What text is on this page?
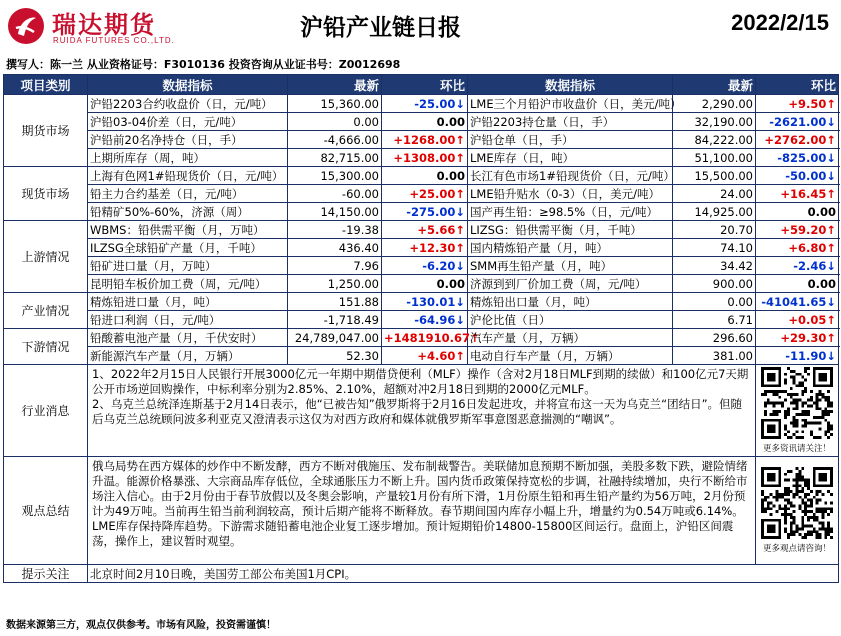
瑞达期货
RUIDA FUTURES CO.,LTD.	沪铅产业链日报	2022/2/15
撰写人：陈一兰 从业资格证号：F3010136 投资咨询从业证书号：Z0012698
项目类别	数据指标	最新	环比	数据指标	最新	环比
期货市场	沪铅2203合约收盘价（日，元/吨）	15,360.00	-25.00↓	LME三个月铅沪市收盘价（日，美元/吨）	2,290.00	+9.50↑
	沪铅03-04价差（日，元/吨）	0.00	0.00	沪铅2203持仓量（日，手）	32,190.00	-2621.00↓
	沪铅前20名净持仓（日，手）	-4,666.00	+1268.00↑	沪铅仓单（日，手）	84,222.00	+2762.00↑
	上期所库存（周，吨）	82,715.00	+1308.00↑	LME库存（日，吨）	51,100.00	-825.00↓
现货市场	上海有色网1#铅现货价（日，元/吨）	15,300.00	0.00	长江有色市场1#铅现货价（日，元/吨）	15,500.00	-50.00↓
	铅主力合约基差（日，元/吨）	-60.00	+25.00↑	LME铅升贴水（0-3）（日，美元/吨）	24.00	+16.45↑
	铅精矿50%-60%，济源（周）	14,150.00	-275.00↓	国产再生铅：≥98.5%（日，元/吨）	14,925.00	0.00
上游情况	WBMS：铅供需平衡（月，万吨）	-19.38	+5.66↑	LIZSG：铅供需平衡（月，千吨）	20.70	+59.20↑
	ILZSG全球铅矿产量（月，千吨）	436.40	+12.30↑	国内精炼铅产量（月，吨）	74.10	+6.80↑
	铅矿进口量（月，万吨）	7.96	-6.20↓	SMM再生铅产量（月，吨）	34.42	-2.46↓
	昆明铅车板价加工费（周，元/吨）	1,250.00	0.00	济源到到厂价加工费（周，元/吨）	900.00	0.00
产业情况	精炼铅进口量（月，吨）	151.88	-130.01↓	精炼铅出口量（月，吨）	0.00	-41041.65↓
	铅进口利润（日，元/吨）	-1,718.49	-64.96↓	沪伦比值（日）	6.71	+0.05↑
下游情况	铅酸蓄电池产量（月，千伏安时）	24,789,047.00	+1481910.67↑	汽车产量（月，万辆）	296.60	+29.30↑
	新能源汽车产量（月，万辆）	52.30	+4.60↑	电动自行车产量（月，万辆）	381.00	-11.90↓
行业消息	1、2022年2月15日人民银行开展3000亿元一年期中期借贷便利（MLF）操作（含对2月18日MLF到期的续做）和100亿元7天期公开市场逆回购操作，中标利率分别为2.85%、2.10%，超额对冲2月18日到期的2000亿元MLF。
2、乌克兰总统泽连斯基于2月14日表示，他“已被告知”俄罗斯将于2月16日发起进攻，并将宣布这一天为乌克兰“团结日”。但随后乌克兰总统顾问波多利亚克又澄清表示这仅为对西方政府和媒体就俄罗斯军事意图恶意揣测的“嘲讽”。					更多资讯请关注！

观点总结	俄乌局势在西方媒体的炒作中不断发酵，西方不断对俄施压、发布制裁警告。美联储加息预期不断加强，美股多数下跌，避险情绪升温。能源价格暴涨、大宗商品库存低位，全球通胀压力不断上升。国内货币政策保持宽松的步调，社融持续增加，央行不断给市场注入信心。由于2月份由于春节放假以及冬奥会影响，产量较1月份有所下滑，1月份原生铅和再生铅产量约为56万吨，2月份预计为49万吨。当前再生铅当前利润较高，预计后期产能将不断释放。春节期间国内库存小幅上升，增量约为0.54万吨或6.14%。LME库存保持降库趋势。下游需求随铅蓄电池企业复工逐步增加。预计短期铅价14800-15800区间运行。盘面上，沪铅区间震荡，操作上，建议暂时观望。					更多观点请咨询！

提示关注	北京时间2月10日晚，美国劳工部公布美国1月CPI。					
数据来源第三方，观点仅供参考。市场有风险，投资需谨慎！
